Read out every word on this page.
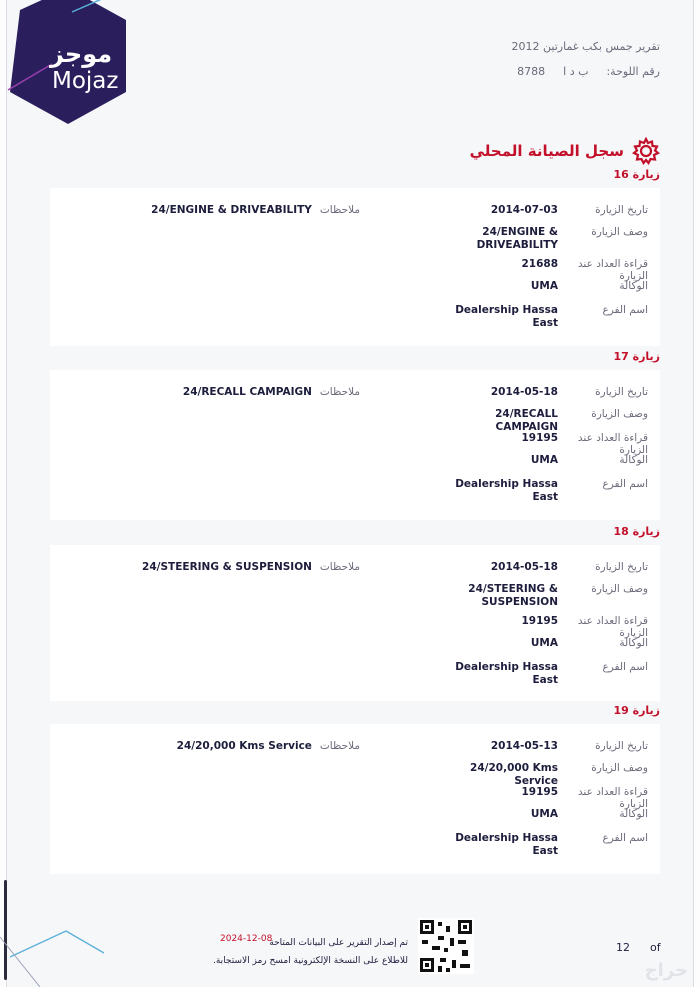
موجز
Mojaz
تقرير جمس بكب غمارتين 2012
رقم اللوحة:
ب د ا
8788
سجل الصيانة المحلي
زيارة 16
تاريخ الزيارة
2014-07-03
وصف الزيارة
24/ENGINE & DRIVEABILITY
قراءة العداد عند الزيارة
21688
الوكالة
UMA
اسم الفرع
Dealership Hassa East
ملاحظات
24/ENGINE & DRIVEABILITY
زيارة 17
تاريخ الزيارة
2014-05-18
وصف الزيارة
24/RECALL CAMPAIGN
قراءة العداد عند الزيارة
19195
الوكالة
UMA
اسم الفرع
Dealership Hassa East
ملاحظات
24/RECALL CAMPAIGN
زيارة 18
تاريخ الزيارة
2014-05-18
وصف الزيارة
24/STEERING & SUSPENSION
قراءة العداد عند الزيارة
19195
الوكالة
UMA
اسم الفرع
Dealership Hassa East
ملاحظات
24/STEERING & SUSPENSION
زيارة 19
تاريخ الزيارة
2014-05-13
وصف الزيارة
24/20,000 Kms Service
قراءة العداد عند الزيارة
19195
الوكالة
UMA
اسم الفرع
Dealership Hassa East
ملاحظات
24/20,000 Kms Service
تم إصدار التقرير على البيانات المتاحة
للاطلاع على النسخة الإلكترونية امسح رمز الاستجابة.
2024-12-08
12 of
حراج
